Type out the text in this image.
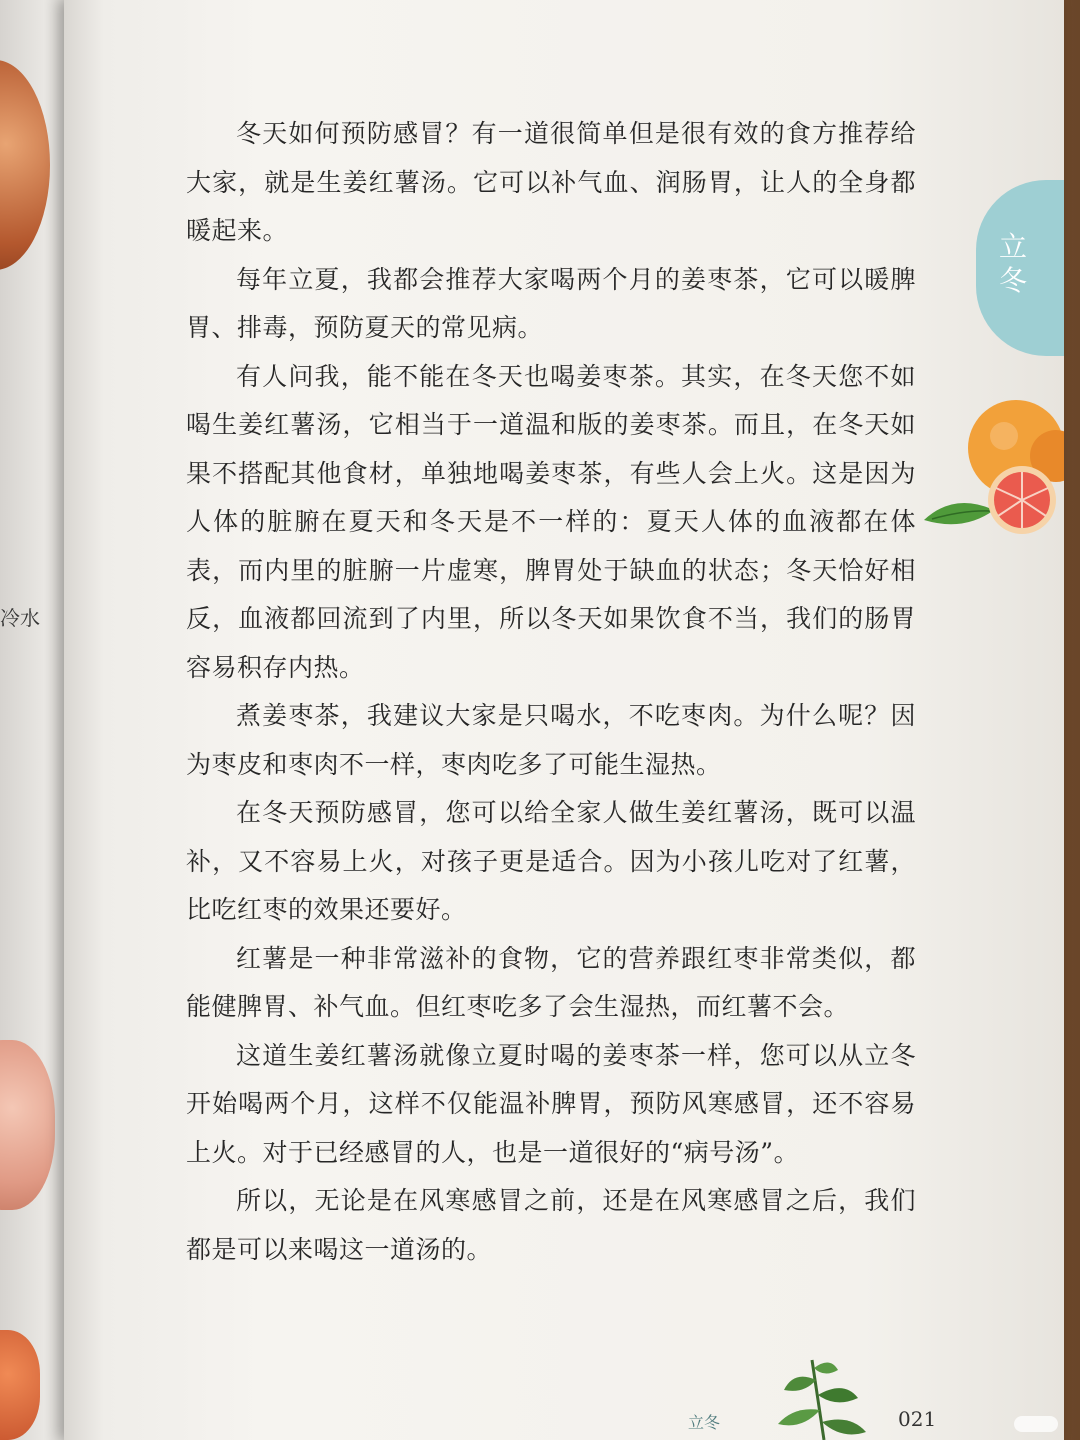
冷水
立冬

冬天如何预防感冒？有一道很简单但是很有效的食方推荐给大家，就是生姜红薯汤。它可以补气血、润肠胃，让人的全身都暖起来。

每年立夏，我都会推荐大家喝两个月的姜枣茶，它可以暖脾胃、排毒，预防夏天的常见病。

有人问我，能不能在冬天也喝姜枣茶。其实，在冬天您不如喝生姜红薯汤，它相当于一道温和版的姜枣茶。而且，在冬天如果不搭配其他食材，单独地喝姜枣茶，有些人会上火。这是因为人体的脏腑在夏天和冬天是不一样的：夏天人体的血液都在体表，而内里的脏腑一片虚寒，脾胃处于缺血的状态；冬天恰好相反，血液都回流到了内里，所以冬天如果饮食不当，我们的肠胃容易积存内热。

煮姜枣茶，我建议大家是只喝水，不吃枣肉。为什么呢？因为枣皮和枣肉不一样，枣肉吃多了可能生湿热。

在冬天预防感冒，您可以给全家人做生姜红薯汤，既可以温补，又不容易上火，对孩子更是适合。因为小孩儿吃对了红薯，比吃红枣的效果还要好。

红薯是一种非常滋补的食物，它的营养跟红枣非常类似，都能健脾胃、补气血。但红枣吃多了会生湿热，而红薯不会。

这道生姜红薯汤就像立夏时喝的姜枣茶一样，您可以从立冬开始喝两个月，这样不仅能温补脾胃，预防风寒感冒，还不容易上火。对于已经感冒的人，也是一道很好的“病号汤”。

所以，无论是在风寒感冒之前，还是在风寒感冒之后，我们都是可以来喝这一道汤的。

立冬	021
